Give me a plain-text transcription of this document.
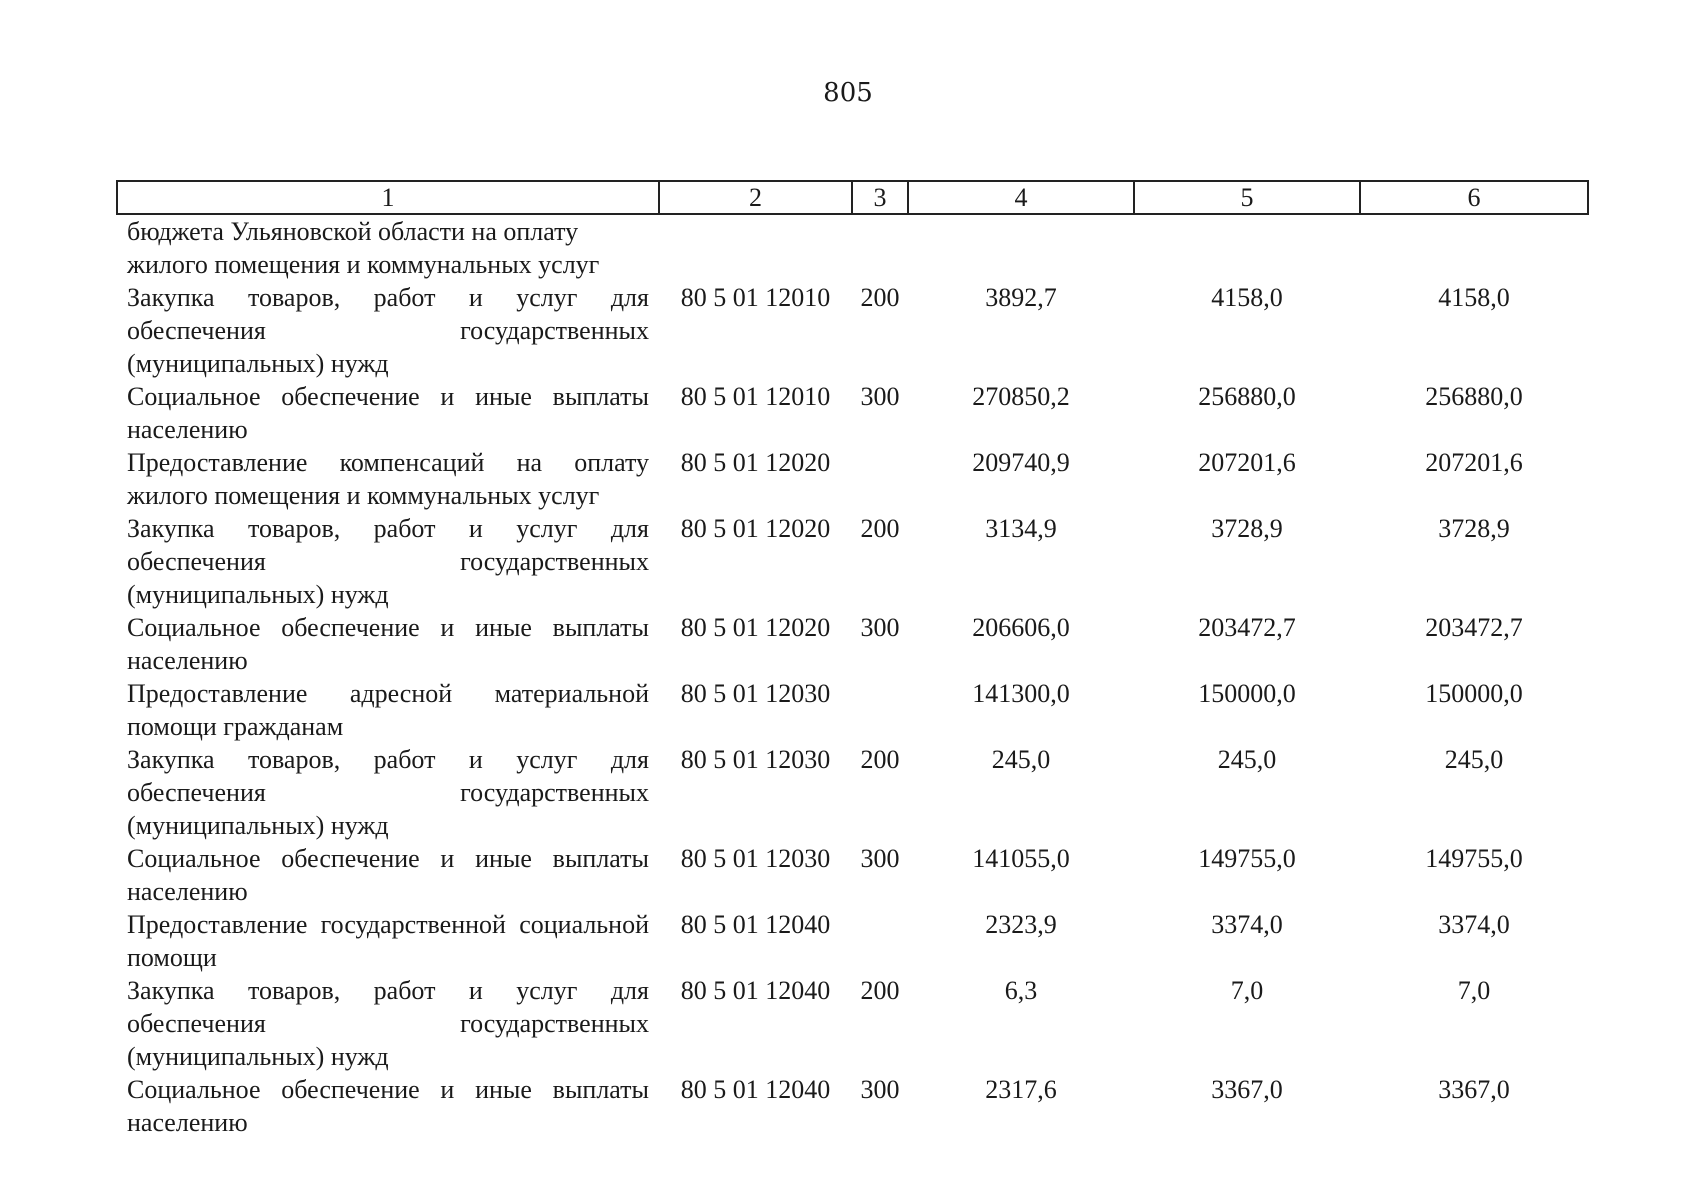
805
1	2	3	4	5	6
бюджета Ульяновской области на оплату жилого помещения и коммунальных услуг					
Закупка товаров, работ и услуг для обеспечения государственных (муниципальных) нужд	80 5 01 12010	200	3892,7	4158,0	4158,0
Социальное обеспечение и иные выплаты населению	80 5 01 12010	300	270850,2	256880,0	256880,0
Предоставление компенсаций на оплату жилого помещения и коммунальных услуг	80 5 01 12020		209740,9	207201,6	207201,6
Закупка товаров, работ и услуг для обеспечения государственных (муниципальных) нужд	80 5 01 12020	200	3134,9	3728,9	3728,9
Социальное обеспечение и иные выплаты населению	80 5 01 12020	300	206606,0	203472,7	203472,7
Предоставление адресной материальной помощи гражданам	80 5 01 12030		141300,0	150000,0	150000,0
Закупка товаров, работ и услуг для обеспечения государственных (муниципальных) нужд	80 5 01 12030	200	245,0	245,0	245,0
Социальное обеспечение и иные выплаты населению	80 5 01 12030	300	141055,0	149755,0	149755,0
Предоставление государственной социальной помощи	80 5 01 12040		2323,9	3374,0	3374,0
Закупка товаров, работ и услуг для обеспечения государственных (муниципальных) нужд	80 5 01 12040	200	6,3	7,0	7,0
Социальное обеспечение и иные выплаты населению	80 5 01 12040	300	2317,6	3367,0	3367,0
